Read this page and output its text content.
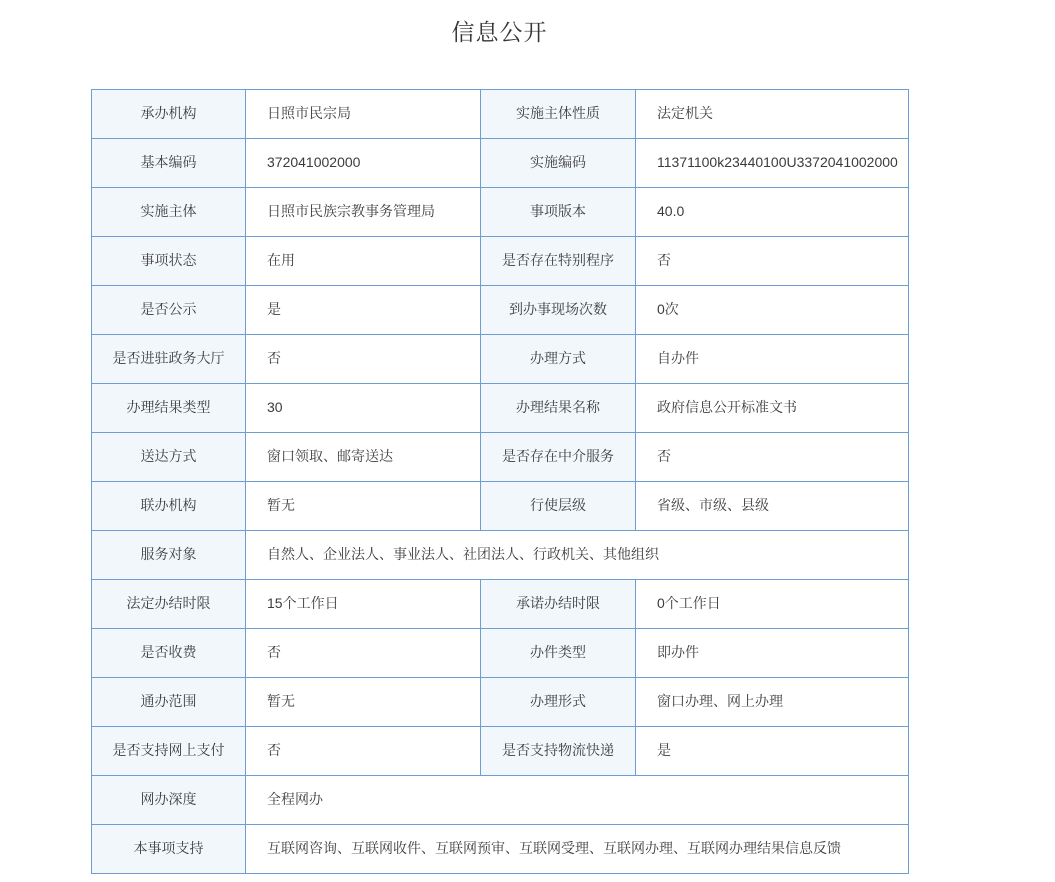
信息公开
承办机构	日照市民宗局	实施主体性质	法定机关
基本编码	372041002000	实施编码	11371100k23440100U3372041002000
实施主体	日照市民族宗教事务管理局	事项版本	40.0
事项状态	在用	是否存在特别程序	否
是否公示	是	到办事现场次数	0次
是否进驻政务大厅	否	办理方式	自办件
办理结果类型	30	办理结果名称	政府信息公开标准文书
送达方式	窗口领取、邮寄送达	是否存在中介服务	否
联办机构	暂无	行使层级	省级、市级、县级
服务对象	自然人、企业法人、事业法人、社团法人、行政机关、其他组织		
法定办结时限	15个工作日	承诺办结时限	0个工作日
是否收费	否	办件类型	即办件
通办范围	暂无	办理形式	窗口办理、网上办理
是否支持网上支付	否	是否支持物流快递	是
网办深度	全程网办		
本事项支持	互联网咨询、互联网收件、互联网预审、互联网受理、互联网办理、互联网办理结果信息反馈		
